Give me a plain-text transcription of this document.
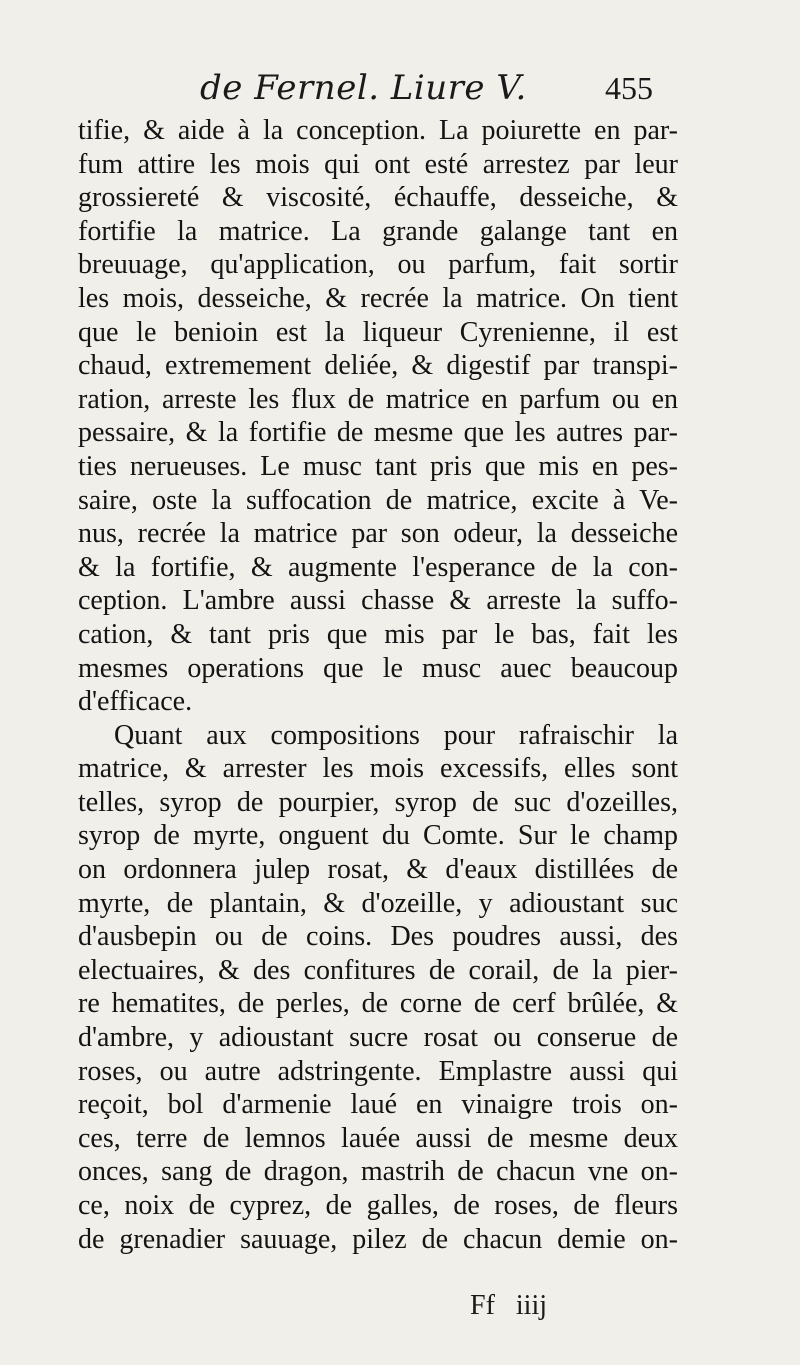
de Fernel. Liure V. 455
tifie, & aide à la conception. La poiurette en par-
fum attire les mois qui ont esté arrestez par leur
grossiereté & viscosité, échauffe, desseiche, &
fortifie la matrice. La grande galange tant en
breuuage, qu'application, ou parfum, fait sortir
les mois, desseiche, & recrée la matrice. On tient
que le benioin est la liqueur Cyrenienne, il est
chaud, extremement deliée, & digestif par transpi-
ration, arreste les flux de matrice en parfum ou en
pessaire, & la fortifie de mesme que les autres par-
ties nerueuses. Le musc tant pris que mis en pes-
saire, oste la suffocation de matrice, excite à Ve-
nus, recrée la matrice par son odeur, la desseiche
& la fortifie, & augmente l'esperance de la con-
ception. L'ambre aussi chasse & arreste la suffo-
cation, & tant pris que mis par le bas, fait les
mesmes operations que le musc auec beaucoup
d'efficace.
Quant aux compositions pour rafraischir la
matrice, & arrester les mois excessifs, elles sont
telles, syrop de pourpier, syrop de suc d'ozeilles,
syrop de myrte, onguent du Comte. Sur le champ
on ordonnera julep rosat, & d'eaux distillées de
myrte, de plantain, & d'ozeille, y adioustant suc
d'ausbepin ou de coins. Des poudres aussi, des
electuaires, & des confitures de corail, de la pier-
re hematites, de perles, de corne de cerf brûlée, &
d'ambre, y adioustant sucre rosat ou conserue de
roses, ou autre adstringente. Emplastre aussi qui
reçoit, bol d'armenie laué en vinaigre trois on-
ces, terre de lemnos lauée aussi de mesme deux
onces, sang de dragon, mastrih de chacun vne on-
ce, noix de cyprez, de galles, de roses, de fleurs
de grenadier sauuage, pilez de chacun demie on-
Ff iiij
